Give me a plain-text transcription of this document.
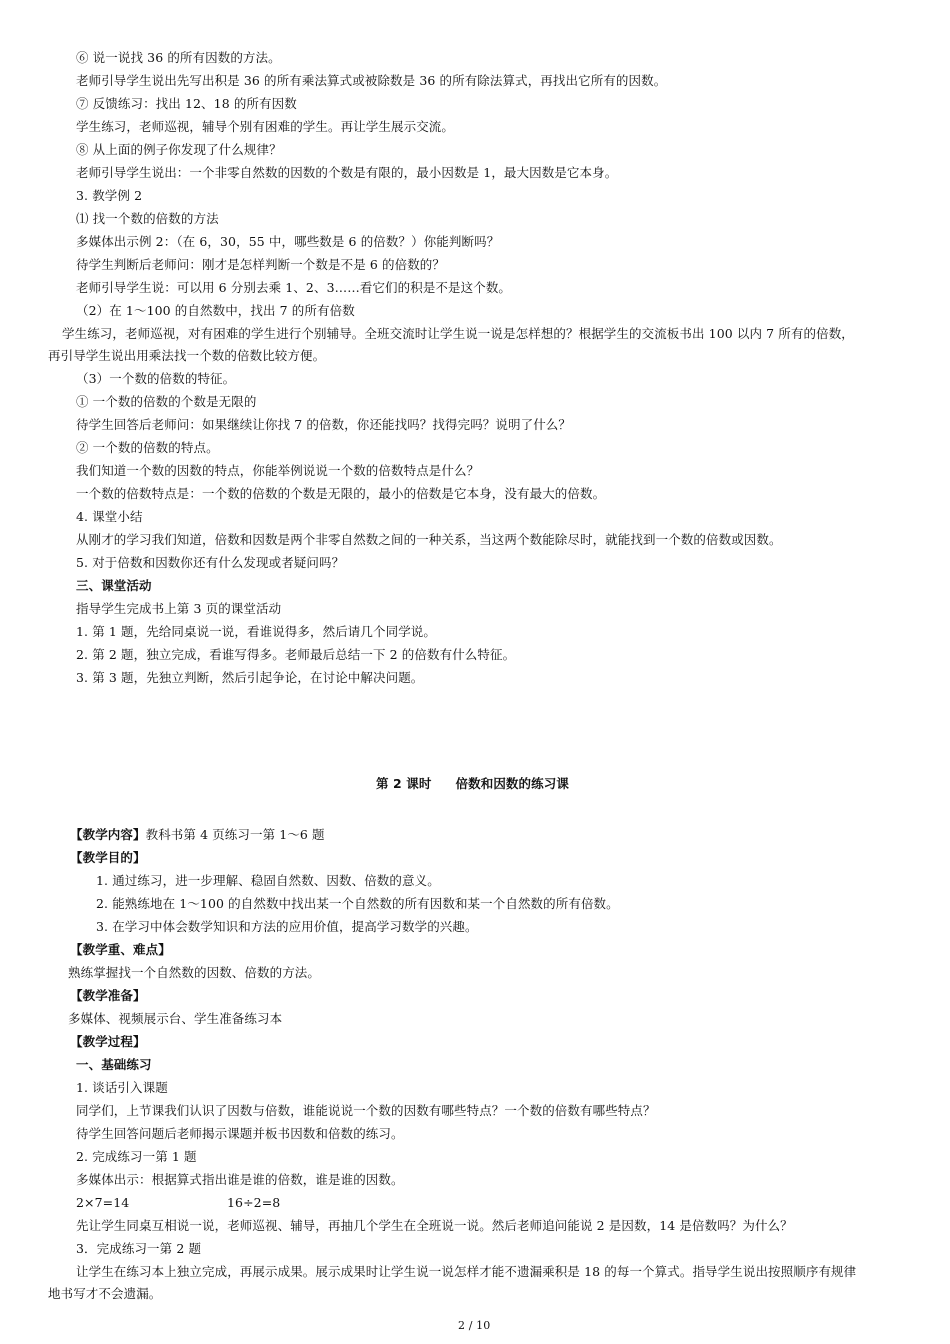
⑥ 说一说找 36 的所有因数的方法。
老师引导学生说出先写出积是 36 的所有乘法算式或被除数是 36 的所有除法算式，再找出它所有的因数。
⑦ 反馈练习：找出 12、18 的所有因数
学生练习，老师巡视，辅导个别有困难的学生。再让学生展示交流。
⑧ 从上面的例子你发现了什么规律？
老师引导学生说出：一个非零自然数的因数的个数是有限的，最小因数是 1，最大因数是它本身。
3. 教学例 2
⑴ 找一个数的倍数的方法
多媒体出示例 2：（在 6，30，55 中，哪些数是 6 的倍数？）你能判断吗？
待学生判断后老师问：刚才是怎样判断一个数是不是 6 的倍数的？
老师引导学生说：可以用 6 分别去乘 1、2、3……看它们的积是不是这个数。
（2）在 1～100 的自然数中，找出 7 的所有倍数
学生练习，老师巡视，对有困难的学生进行个别辅导。全班交流时让学生说一说是怎样想的？根据学生的交流板书出 100 以内 7 所有的倍数，
再引导学生说出用乘法找一个数的倍数比较方便。
（3）一个数的倍数的特征。
① 一个数的倍数的个数是无限的
待学生回答后老师问：如果继续让你找 7 的倍数，你还能找吗？找得完吗？说明了什么？
② 一个数的倍数的特点。
我们知道一个数的因数的特点，你能举例说说一个数的倍数特点是什么？
一个数的倍数特点是：一个数的倍数的个数是无限的，最小的倍数是它本身，没有最大的倍数。
4. 课堂小结
从刚才的学习我们知道，倍数和因数是两个非零自然数之间的一种关系，当这两个数能除尽时，就能找到一个数的倍数或因数。
5. 对于倍数和因数你还有什么发现或者疑问吗？
三、课堂活动
指导学生完成书上第 3 页的课堂活动
1. 第 1 题，先给同桌说一说，看谁说得多，然后请几个同学说。
2. 第 2 题，独立完成，看谁写得多。老师最后总结一下 2 的倍数有什么特征。
3. 第 3 题，先独立判断，然后引起争论，在讨论中解决问题。
第 2 课时 倍数和因数的练习课
【教学内容】教科书第 4 页练习一第 1～6 题
【教学目的】
1. 通过练习，进一步理解、稳固自然数、因数、倍数的意义。
2. 能熟练地在 1～100 的自然数中找出某一个自然数的所有因数和某一个自然数的所有倍数。
3. 在学习中体会数学知识和方法的应用价值，提高学习数学的兴趣。
【教学重、难点】
熟练掌握找一个自然数的因数、倍数的方法。
【教学准备】
多媒体、视频展示台、学生准备练习本
【教学过程】
一、基础练习
1. 谈话引入课题
同学们，上节课我们认识了因数与倍数，谁能说说一个数的因数有哪些特点？一个数的倍数有哪些特点？
待学生回答问题后老师揭示课题并板书因数和倍数的练习。
2. 完成练习一第 1 题
多媒体出示：根据算式指出谁是谁的倍数，谁是谁的因数。
2×7=14	16÷2=8
先让学生同桌互相说一说，老师巡视、辅导，再抽几个学生在全班说一说。然后老师追问能说 2 是因数，14 是倍数吗？为什么？
3．完成练习一第 2 题
让学生在练习本上独立完成，再展示成果。展示成果时让学生说一说怎样才能不遗漏乘积是 18 的每一个算式。指导学生说出按照顺序有规律
地书写才不会遗漏。
2 / 10
